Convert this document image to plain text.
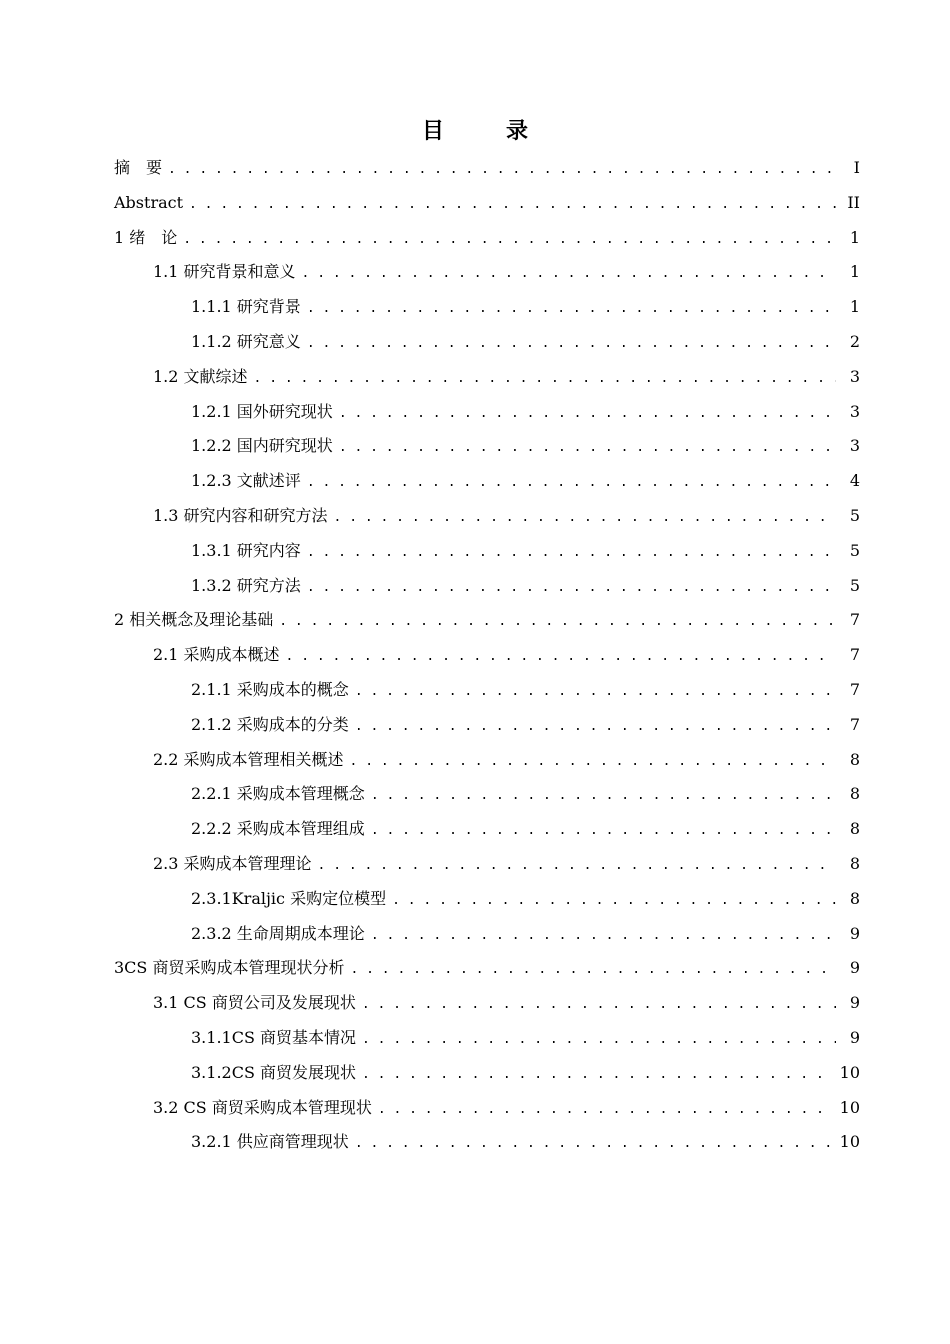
目　录
摘　要 . . .	I
Abstract . . .	II
1 绪　论 . . .	1
1.1 研究背景和意义 . . .	1
1.1.1 研究背景 . . .	1
1.1.2 研究意义 . . .	2
1.2 文献综述 . . .	3
1.2.1 国外研究现状 . . .	3
1.2.2 国内研究现状 . . .	3
1.2.3 文献述评 . . .	4
1.3 研究内容和研究方法 . . .	5
1.3.1 研究内容 . . .	5
1.3.2 研究方法 . . .	5
2 相关概念及理论基础 . . .	7
2.1 采购成本概述 . . .	7
2.1.1 采购成本的概念 . . .	7
2.1.2 采购成本的分类 . . .	7
2.2 采购成本管理相关概述 . . .	8
2.2.1 采购成本管理概念 . . .	8
2.2.2 采购成本管理组成 . . .	8
2.3 采购成本管理理论 . . .	8
2.3.1Kraljic 采购定位模型 . . .	8
2.3.2 生命周期成本理论 . . .	9
3CS 商贸采购成本管理现状分析 . . .	9
3.1 CS 商贸公司及发展现状 . . .	9
3.1.1CS 商贸基本情况 . . .	9
3.1.2CS 商贸发展现状 . . .	10
3.2 CS 商贸采购成本管理现状 . . .	10
3.2.1 供应商管理现状 . . .	10
